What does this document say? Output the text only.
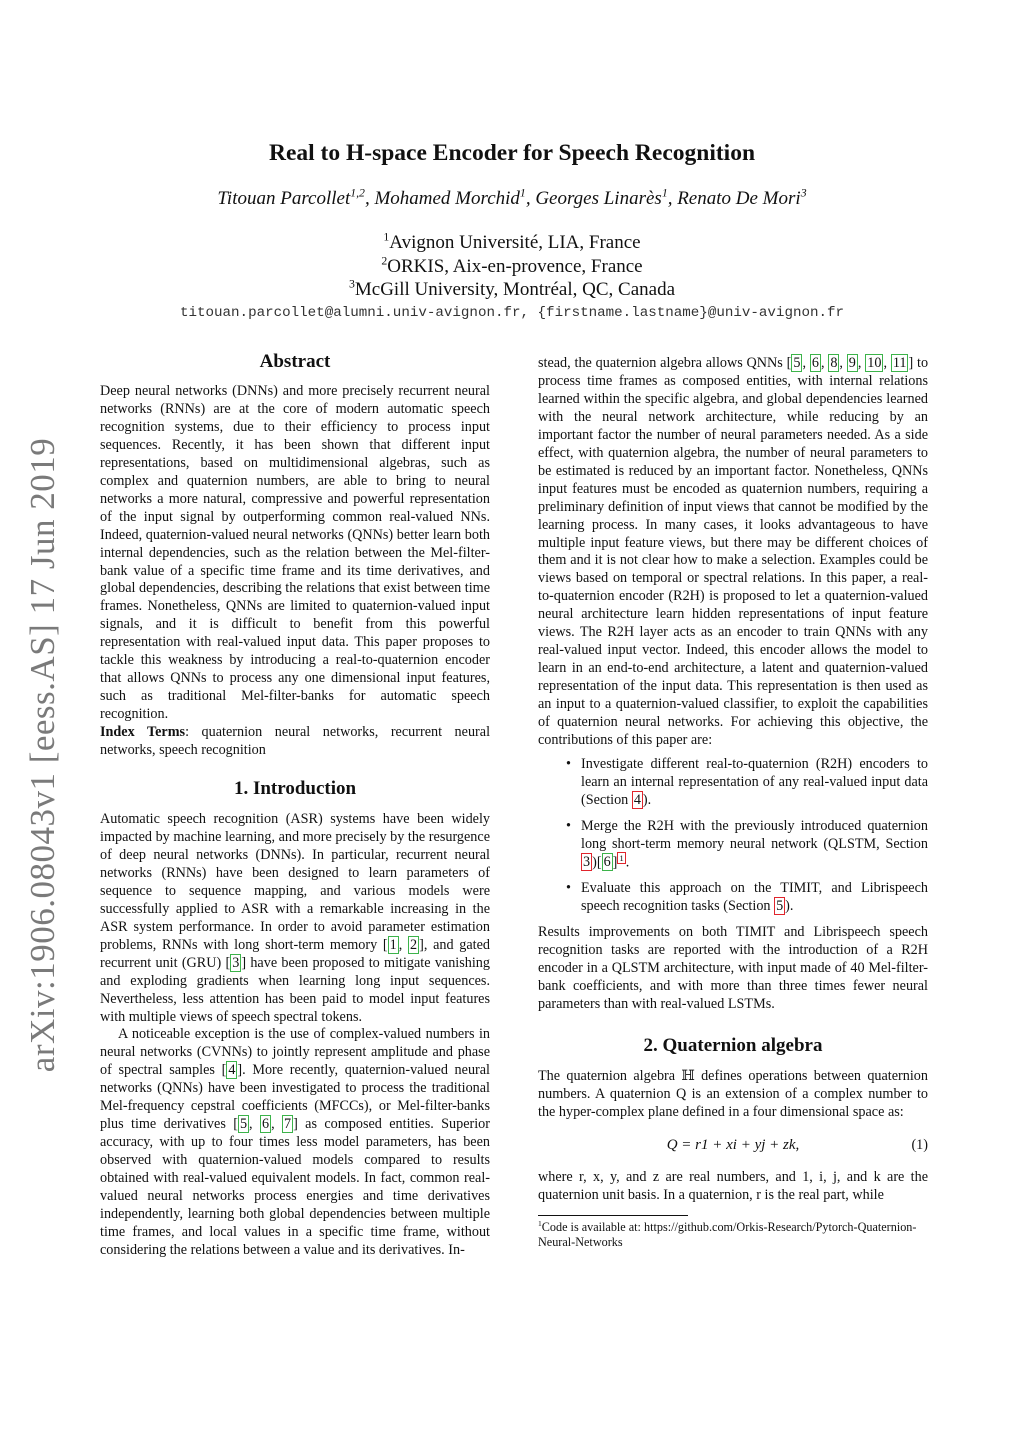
arXiv:1906.08043v1 [eess.AS] 17 Jun 2019
Real to H-space Encoder for Speech Recognition
Titouan Parcollet$^{1,2}$, Mohamed Morchid$^1$, Georges Linarès$^1$, Renato De Mori$^3$
$^1$Avignon Université, LIA, France
$^2$ORKIS, Aix-en-provence, France
$^3$McGill University, Montréal, QC, Canada
titouan.parcollet@alumni.univ-avignon.fr, {firstname.lastname}@univ-avignon.fr
Abstract

Deep neural networks (DNNs) and more precisely recurrent neural networks (RNNs) are at the core of modern automatic speech recognition systems, due to their efficiency to process input sequences. Recently, it has been shown that different input representations, based on multidimensional algebras, such as complex and quaternion numbers, are able to bring to neural networks a more natural, compressive and powerful representation of the input signal by outperforming common real-valued NNs. Indeed, quaternion-valued neural networks (QNNs) better learn both internal dependencies, such as the relation between the Mel-filter-bank value of a specific time frame and its time derivatives, and global dependencies, describing the relations that exist between time frames. Nonetheless, QNNs are limited to quaternion-valued input signals, and it is difficult to benefit from this powerful representation with real-valued input data. This paper proposes to tackle this weakness by introducing a real-to-quaternion encoder that allows QNNs to process any one dimensional input features, such as traditional Mel-filter-banks for automatic speech recognition.

Index Terms: quaternion neural networks, recurrent neural networks, speech recognition

1. Introduction

Automatic speech recognition (ASR) systems have been widely impacted by machine learning, and more precisely by the resurgence of deep neural networks (DNNs). In particular, recurrent neural networks (RNNs) have been designed to learn parameters of sequence to sequence mapping, and various models were successfully applied to ASR with a remarkable increasing in the ASR system performance. In order to avoid parameter estimation problems, RNNs with long short-term memory [ 1 , 2 ], and gated recurrent unit (GRU) [ 3 ] have been proposed to mitigate vanishing and exploding gradients when learning long input sequences. Nevertheless, less attention has been paid to model input features with multiple views of speech spectral tokens.

A noticeable exception is the use of complex-valued numbers in neural networks (CVNNs) to jointly represent amplitude and phase of spectral samples [ 4 ]. More recently, quaternion-valued neural networks (QNNs) have been investigated to process the traditional Mel-frequency cepstral coefficients (MFCCs), or Mel-filter-banks plus time derivatives [ 5 , 6 , 7 ] as composed entities. Superior accuracy, with up to four times less model parameters, has been observed with quaternion-valued models compared to results obtained with real-valued equivalent models. In fact, common real-valued neural networks process energies and time derivatives independently, learning both global dependencies between multiple time frames, and local values in a specific time frame, without considering the relations between a value and its derivatives. In-

stead, the quaternion algebra allows QNNs [ 5 , 6 , 8 , 9 , 10 , 11 ] to process time frames as composed entities, with internal relations learned within the specific algebra, and global dependencies learned with the neural network architecture, while reducing by an important factor the number of neural parameters needed. As a side effect, with quaternion algebra, the number of neural parameters to be estimated is reduced by an important factor. Nonetheless, QNNs input features must be encoded as quaternion numbers, requiring a preliminary definition of input views that cannot be modified by the learning process. In many cases, it looks advantageous to have multiple input feature views, but there may be different choices of them and it is not clear how to make a selection. Examples could be views based on temporal or spectral relations. In this paper, a real-to-quaternion encoder (R2H) is proposed to let a quaternion-valued neural architecture learn hidden representations of input feature views. The R2H layer acts as an encoder to train QNNs with any real-valued input vector. Indeed, this encoder allows the model to learn in an end-to-end architecture, a latent and quaternion-valued representation of the input data. This representation is then used as an input to a quaternion-valued classifier, to exploit the capabilities of quaternion neural networks. For achieving this objective, the contributions of this paper are:

• Investigate different real-to-quaternion (R2H) encoders to learn an internal representation of any real-valued input data (Section 4 ).
• Merge the R2H with the previously introduced quaternion long short-term memory neural network (QLSTM, Section 3 )[ 6 ] $^1$ .
• Evaluate this approach on the TIMIT, and Librispeech speech recognition tasks (Section 5 ).

Results improvements on both TIMIT and Librispeech speech recognition tasks are reported with the introduction of a R2H encoder in a QLSTM architecture, with input made of 40 Mel-filter-bank coefficients, and with more than three times fewer neural parameters than with real-valued LSTMs.

2. Quaternion algebra

The quaternion algebra ℍ defines operations between quaternion numbers. A quaternion Q is an extension of a complex number to the hyper-complex plane defined in a four dimensional space as:

Q = r1 + xi + yj + zk,	(1)

where r, x, y, and z are real numbers, and 1, i, j, and k are the quaternion unit basis. In a quaternion, r is the real part, while

$^1$Code is available at: https://github.com/Orkis-Research/Pytorch-Quaternion-Neural-Networks
